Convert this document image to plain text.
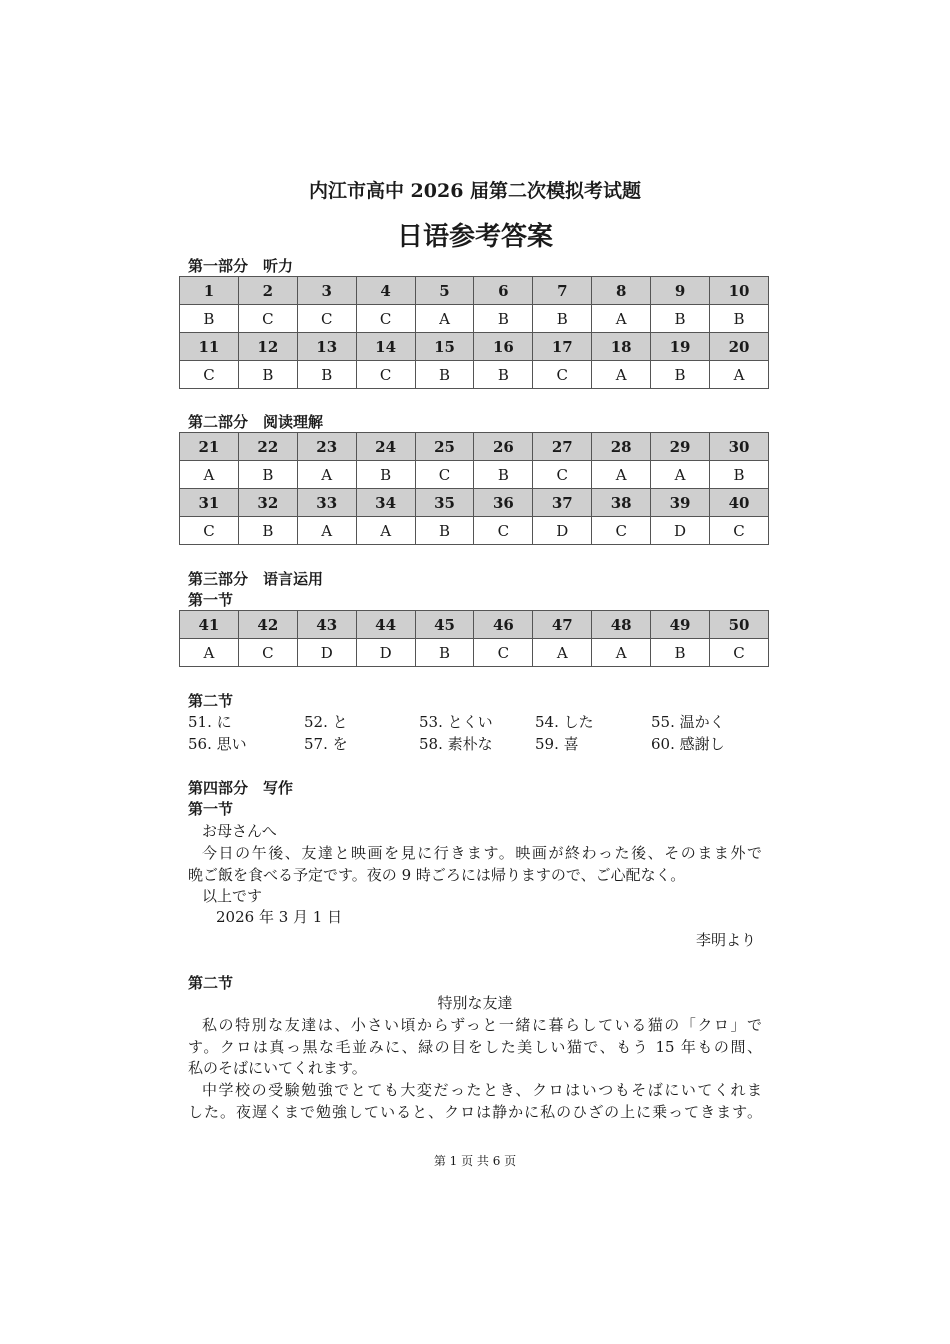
内江市高中 2026 届第二次模拟考试题
日语参考答案
第一部分　听力
1	2	3	4	5	6	7	8	9	10
B	C	C	C	A	B	B	A	B	B
11	12	13	14	15	16	17	18	19	20
C	B	B	C	B	B	C	A	B	A
第二部分　阅读理解
21	22	23	24	25	26	27	28	29	30
A	B	A	B	C	B	C	A	A	B
31	32	33	34	35	36	37	38	39	40
C	B	A	A	B	C	D	C	D	C
第三部分　语言运用
第一节
41	42	43	44	45	46	47	48	49	50
A	C	D	D	B	C	A	A	B	C
第二节
51. に	52. と	53. とくい	54. した	55. 温かく
56. 思い	57. を	58. 素朴な	59. 喜	60. 感謝し
第四部分　写作
第一节
お母さんへ
今日の午後、友達と映画を見に行きます。映画が終わった後、そのまま外で
晩ご飯を食べる予定です。夜の 9 時ごろには帰りますので、ご心配なく。
以上です
2026 年 3 月 1 日
李明より
第二节
特別な友達
私の特別な友達は、小さい頃からずっと一緒に暮らしている猫の「クロ」で
す。クロは真っ黒な毛並みに、緑の目をした美しい猫で、もう 15 年もの間、
私のそばにいてくれます。
中学校の受験勉強でとても大変だったとき、クロはいつもそばにいてくれま
した。夜遅くまで勉強していると、クロは静かに私のひざの上に乗ってきます。
第 1 页 共 6 页
